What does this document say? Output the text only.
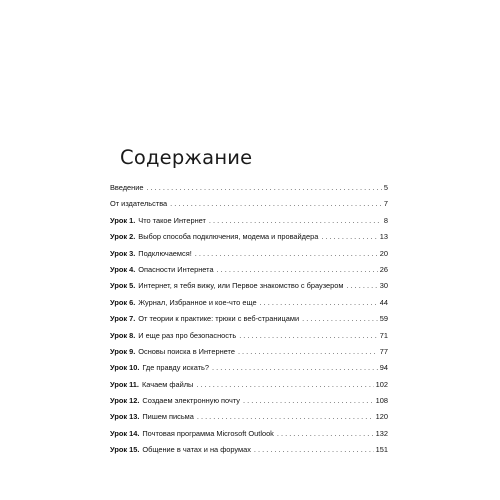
Содержание
Введение . . .	5
От издательства . . .	7
Урок 1. Что такое Интернет . . .	8
Урок 2. Выбор способа подключения, модема и провайдера . . .	13
Урок 3. Подключаемся! . . .	20
Урок 4. Опасности Интернета . . .	26
Урок 5. Интернет, я тебя вижу, или Первое знакомство с браузером . . .	30
Урок 6. Журнал, Избранное и кое-что еще . . .	44
Урок 7. От теории к практике: трюки с веб-страницами . . .	59
Урок 8. И еще раз про безопасность . . .	71
Урок 9. Основы поиска в Интернете . . .	77
Урок 10. Где правду искать? . . .	94
Урок 11. Качаем файлы . . .	102
Урок 12. Создаем электронную почту . . .	108
Урок 13. Пишем письма . . .	120
Урок 14. Почтовая программа Microsoft Outlook . . .	132
Урок 15. Общение в чатах и на форумах . . .	151
